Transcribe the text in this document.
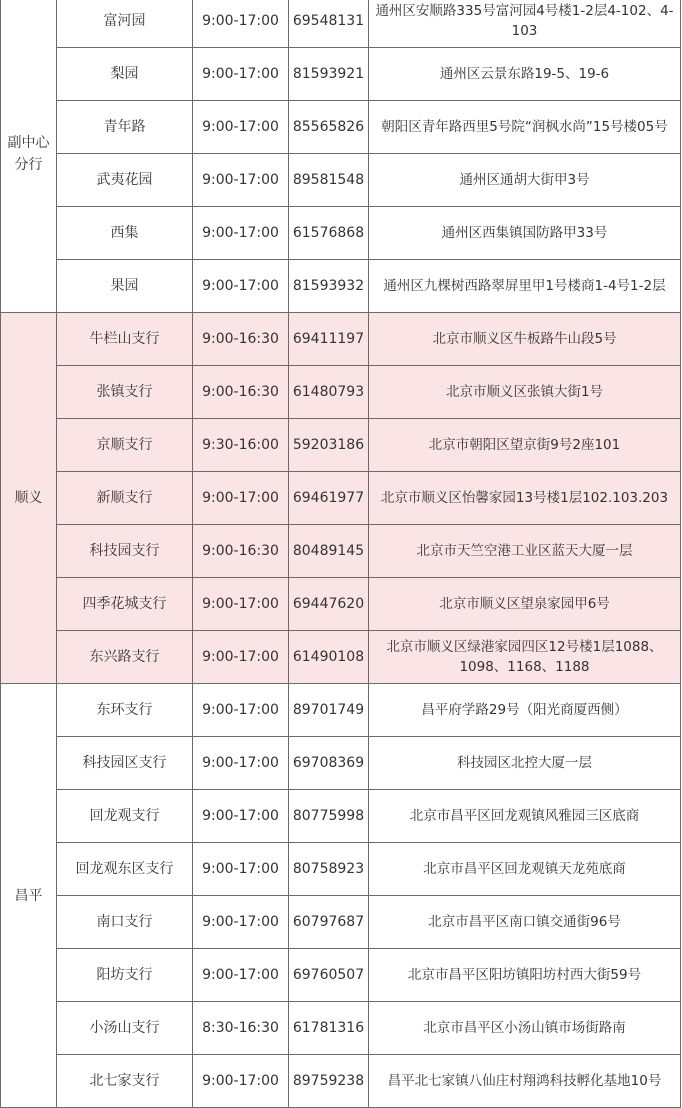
副中心
分行	富河园	9:00-17:00	69548131	通州区安顺路335号富河园4号楼1-2层4-102、4-103
	梨园	9:00-17:00	81593921	通州区云景东路19-5、19-6
	青年路	9:00-17:00	85565826	朝阳区青年路西里5号院“润枫水尚”15号楼05号
	武夷花园	9:00-17:00	89581548	通州区通胡大街甲3号
	西集	9:00-17:00	61576868	通州区西集镇国防路甲33号
	果园	9:00-17:00	81593932	通州区九棵树西路翠屏里甲1号楼商1-4号1-2层
顺义	牛栏山支行	9:00-16:30	69411197	北京市顺义区牛板路牛山段5号
	张镇支行	9:00-16:30	61480793	北京市顺义区张镇大街1号
	京顺支行	9:30-16:00	59203186	北京市朝阳区望京街9号2座101
	新顺支行	9:00-17:00	69461977	北京市顺义区怡馨家园13号楼1层102.103.203
	科技园支行	9:00-16:30	80489145	北京市天竺空港工业区蓝天大厦一层
	四季花城支行	9:00-17:00	69447620	北京市顺义区望泉家园甲6号
	东兴路支行	9:00-17:00	61490108	北京市顺义区绿港家园四区12号楼1层1088、1098、1168、1188
昌平	东环支行	9:00-17:00	89701749	昌平府学路29号（阳光商厦西侧）
	科技园区支行	9:00-17:00	69708369	科技园区北控大厦一层
	回龙观支行	9:00-17:00	80775998	北京市昌平区回龙观镇风雅园三区底商
	回龙观东区支行	9:00-17:00	80758923	北京市昌平区回龙观镇天龙苑底商
	南口支行	9:00-17:00	60797687	北京市昌平区南口镇交通街96号
	阳坊支行	9:00-17:00	69760507	北京市昌平区阳坊镇阳坊村西大街59号
	小汤山支行	8:30-16:30	61781316	北京市昌平区小汤山镇市场街路南
	北七家支行	9:00-17:00	89759238	昌平北七家镇八仙庄村翔鸿科技孵化基地10号
